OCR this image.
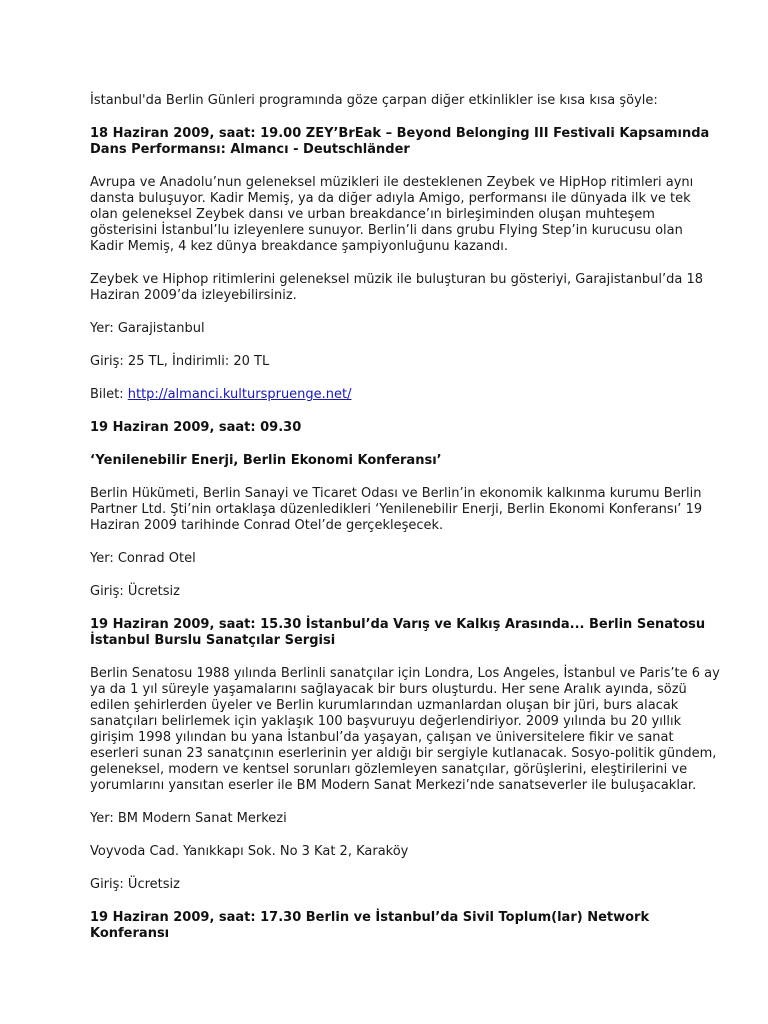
İstanbul'da Berlin Günleri programında göze çarpan diğer etkinlikler ise kısa kısa şöyle:

18 Haziran 2009, saat: 19.00 ZEY’BrEak – Beyond Belonging III Festivali Kapsamında Dans Performansı: Almancı - Deutschländer

Avrupa ve Anadolu’nun geleneksel müzikleri ile desteklenen Zeybek ve HipHop ritimleri aynı dansta buluşuyor. Kadir Memiş, ya da diğer adıyla Amigo, performansı ile dünyada ilk ve tek olan geleneksel Zeybek dansı ve urban breakdance’ın birleşiminden oluşan muhteşem gösterisini İstanbul’lu izleyenlere sunuyor. Berlin’li dans grubu Flying Step’in kurucusu olan Kadir Memiş, 4 kez dünya breakdance şampiyonluğunu kazandı.

Zeybek ve Hiphop ritimlerini geleneksel müzik ile buluşturan bu gösteriyi, Garajistanbul’da 18 Haziran 2009’da izleyebilirsiniz.

Yer: Garajistanbul

Giriş: 25 TL, İndirimli: 20 TL

Bilet: http://almanci.kulturspruenge.net/

19 Haziran 2009, saat: 09.30

‘Yenilenebilir Enerji, Berlin Ekonomi Konferansı’

Berlin Hükümeti, Berlin Sanayi ve Ticaret Odası ve Berlin’in ekonomik kalkınma kurumu Berlin Partner Ltd. Şti’nin ortaklaşa düzenledikleri ‘Yenilenebilir Enerji, Berlin Ekonomi Konferansı’ 19 Haziran 2009 tarihinde Conrad Otel’de gerçekleşecek.

Yer: Conrad Otel

Giriş: Ücretsiz

19 Haziran 2009, saat: 15.30 İstanbul’da Varış ve Kalkış Arasında... Berlin Senatosu İstanbul Burslu Sanatçılar Sergisi

Berlin Senatosu 1988 yılında Berlinli sanatçılar için Londra, Los Angeles, İstanbul ve Paris’te 6 ay ya da 1 yıl süreyle yaşamalarını sağlayacak bir burs oluşturdu. Her sene Aralık ayında, sözü edilen şehirlerden üyeler ve Berlin kurumlarından uzmanlardan oluşan bir jüri, burs alacak sanatçıları belirlemek için yaklaşık 100 başvuruyu değerlendiriyor. 2009 yılında bu 20 yıllık girişim 1998 yılından bu yana İstanbul’da yaşayan, çalışan ve üniversitelere fikir ve sanat eserleri sunan 23 sanatçının eserlerinin yer aldığı bir sergiyle kutlanacak. Sosyo-politik gündem, geleneksel, modern ve kentsel sorunları gözlemleyen sanatçılar, görüşlerini, eleştirilerini ve yorumlarını yansıtan eserler ile BM Modern Sanat Merkezi’nde sanatseverler ile buluşacaklar.

Yer: BM Modern Sanat Merkezi

Voyvoda Cad. Yanıkkapı Sok. No 3 Kat 2, Karaköy

Giriş: Ücretsiz

19 Haziran 2009, saat: 17.30 Berlin ve İstanbul’da Sivil Toplum(lar) Network Konferansı
